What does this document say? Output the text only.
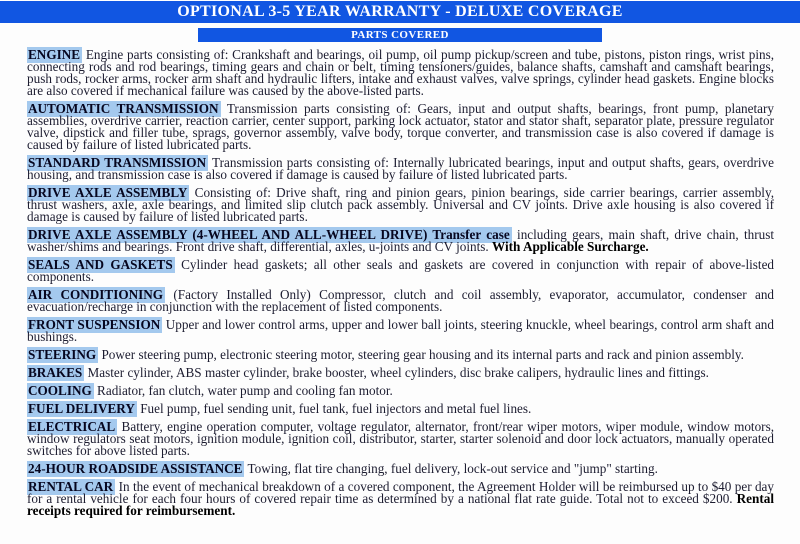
OPTIONAL 3-5 YEAR WARRANTY - DELUXE COVERAGE
PARTS COVERED

ENGINE Engine parts consisting of: Crankshaft and bearings, oil pump, oil pump pickup/screen and tube, pistons, piston rings, wrist pins, connecting rods and rod bearings, timing gears and chain or belt, timing tensioners/guides, balance shafts, camshaft and camshaft bearings, push rods, rocker arms, rocker arm shaft and hydraulic lifters, intake and exhaust valves, valve springs, cylinder head gaskets. Engine blocks are also covered if mechanical failure was caused by the above-listed parts.

AUTOMATIC TRANSMISSION Transmission parts consisting of: Gears, input and output shafts, bearings, front pump, planetary assemblies, overdrive carrier, reaction carrier, center support, parking lock actuator, stator and stator shaft, separator plate, pressure regulator valve, dipstick and filler tube, sprags, governor assembly, valve body, torque converter, and transmission case is also covered if damage is caused by failure of listed lubricated parts.

STANDARD TRANSMISSION Transmission parts consisting of: Internally lubricated bearings, input and output shafts, gears, overdrive housing, and transmission case is also covered if damage is caused by failure of listed lubricated parts.

DRIVE AXLE ASSEMBLY Consisting of: Drive shaft, ring and pinion gears, pinion bearings, side carrier bearings, carrier assembly, thrust washers, axle, axle bearings, and limited slip clutch pack assembly. Universal and CV joints. Drive axle housing is also covered if damage is caused by failure of listed lubricated parts.

DRIVE AXLE ASSEMBLY (4-WHEEL AND ALL-WHEEL DRIVE) Transfer case including gears, main shaft, drive chain, thrust washer/shims and bearings. Front drive shaft, differential, axles, u-joints and CV joints. With Applicable Surcharge.

SEALS AND GASKETS Cylinder head gaskets; all other seals and gaskets are covered in conjunction with repair of above-listed components.

AIR CONDITIONING (Factory Installed Only) Compressor, clutch and coil assembly, evaporator, accumulator, condenser and evacuation/recharge in conjunction with the replacement of listed components.

FRONT SUSPENSION Upper and lower control arms, upper and lower ball joints, steering knuckle, wheel bearings, control arm shaft and bushings.

STEERING Power steering pump, electronic steering motor, steering gear housing and its internal parts and rack and pinion assembly.

BRAKES Master cylinder, ABS master cylinder, brake booster, wheel cylinders, disc brake calipers, hydraulic lines and fittings.

COOLING Radiator, fan clutch, water pump and cooling fan motor.

FUEL DELIVERY Fuel pump, fuel sending unit, fuel tank, fuel injectors and metal fuel lines.

ELECTRICAL Battery, engine operation computer, voltage regulator, alternator, front/rear wiper motors, wiper module, window motors, window regulators seat motors, ignition module, ignition coil, distributor, starter, starter solenoid and door lock actuators, manually operated switches for above listed parts.

24-HOUR ROADSIDE ASSISTANCE Towing, flat tire changing, fuel delivery, lock-out service and "jump" starting.

RENTAL CAR In the event of mechanical breakdown of a covered component, the Agreement Holder will be reimbursed up to $40 per day for a rental vehicle for each four hours of covered repair time as determined by a national flat rate guide. Total not to exceed $200. Rental receipts required for reimbursement.
